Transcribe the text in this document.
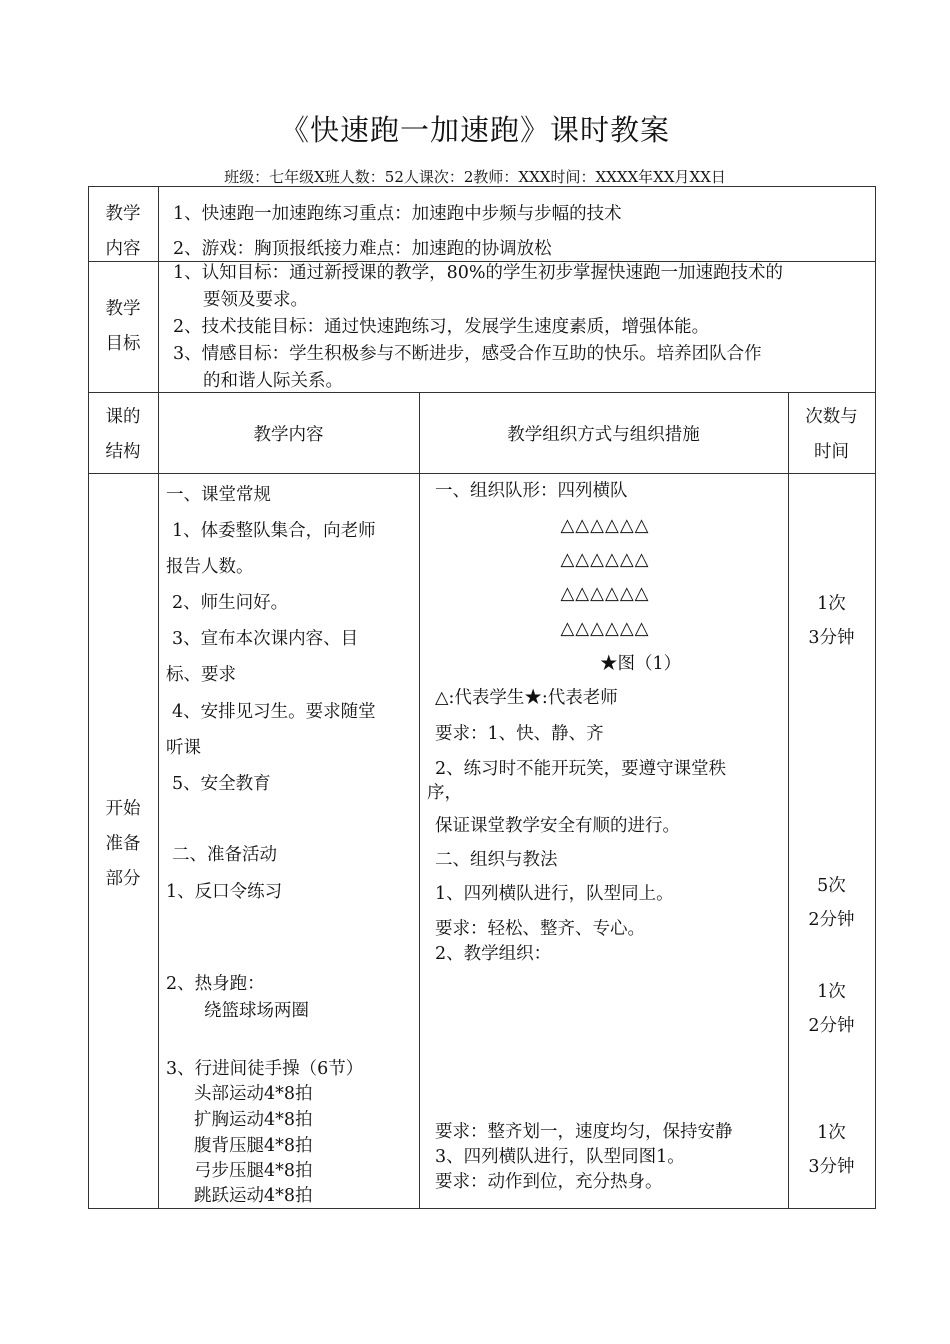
《快速跑一加速跑》课时教案
班级：七年级X班人数：52人课次：2教师：XXX时间：XXXX年XX月XX日
教学
内容
1、快速跑一加速跑练习重点：加速跑中步频与步幅的技术
2、游戏：胸顶报纸接力难点：加速跑的协调放松
教学
目标
1、认知目标：通过新授课的教学，80%的学生初步掌握快速跑一加速跑技术的
要领及要求。
2、技术技能目标：通过快速跑练习，发展学生速度素质，增强体能。
3、情感目标：学生积极参与不断进步，感受合作互助的快乐。培养团队合作
的和谐人际关系。
课的
结构
教学内容	教学组织方式与组织措施
次数与
时间
开始
准备
部分
一、课堂常规
1、体委整队集合，向老师
报告人数。
2、师生问好。
3、宣布本次课内容、目
标、要求
4、安排见习生。要求随堂
听课
5、安全教育
二、准备活动
1、反口令练习
2、热身跑：
绕篮球场两圈
3、行进间徒手操（6节）
头部运动4*8拍
扩胸运动4*8拍
腹背压腿4*8拍
弓步压腿4*8拍
跳跃运动4*8拍
一、组织队形：四列横队
△△△△△△
△△△△△△
△△△△△△
△△△△△△
★图（1）
△:代表学生★:代表老师
要求：1、快、静、齐
2、练习时不能开玩笑，要遵守课堂秩
序，
保证课堂教学安全有顺的进行。
二、组织与教法
1、四列横队进行，队型同上。
要求：轻松、整齐、专心。
2、教学组织：
要求：整齐划一，速度均匀，保持安静
3、四列横队进行，队型同图1。
要求：动作到位，充分热身。
1次
3分钟
5次
2分钟
1次
2分钟
1次
3分钟
